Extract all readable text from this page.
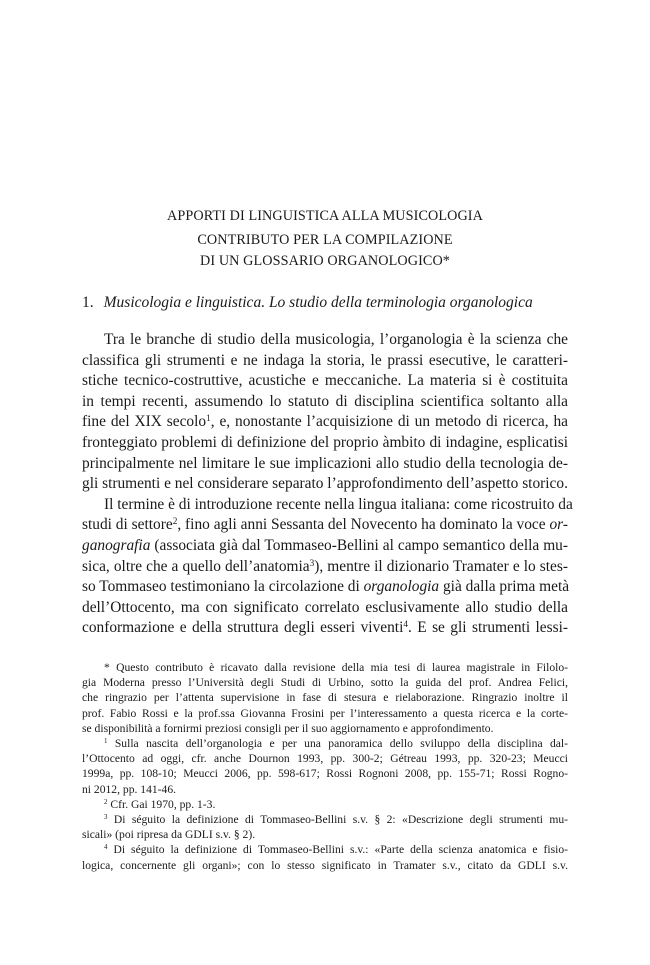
APPORTI DI LINGUISTICA ALLA MUSICOLOGIA
CONTRIBUTO PER LA COMPILAZIONE
DI UN GLOSSARIO ORGANOLOGICO*
1. Musicologia e linguistica. Lo studio della terminologia organologica
Tra le branche di studio della musicologia, l’organologia è la scienza che
classifica gli strumenti e ne indaga la storia, le prassi esecutive, le caratteri-
stiche tecnico-costruttive, acustiche e meccaniche. La materia si è costituita
in tempi recenti, assumendo lo statuto di disciplina scientifica soltanto alla
fine del XIX secolo$^1$, e, nonostante l’acquisizione di un metodo di ricerca, ha
fronteggiato problemi di definizione del proprio àmbito di indagine, esplicatisi
principalmente nel limitare le sue implicazioni allo studio della tecnologia de-
gli strumenti e nel considerare separato l’approfondimento dell’aspetto storico.
Il termine è di introduzione recente nella lingua italiana: come ricostruito da
studi di settore$^2$, fino agli anni Sessanta del Novecento ha dominato la voce or-
ganografia (associata già dal Tommaseo-Bellini al campo semantico della mu-
sica, oltre che a quello dell’anatomia$^3$), mentre il dizionario Tramater e lo stes-
so Tommaseo testimoniano la circolazione di organologia già dalla prima metà
dell’Ottocento, ma con significato correlato esclusivamente allo studio della
conformazione e della struttura degli esseri viventi$^4$. E se gli strumenti lessi-
* Questo contributo è ricavato dalla revisione della mia tesi di laurea magistrale in Filolo-
gia Moderna presso l’Università degli Studi di Urbino, sotto la guida del prof. Andrea Felici,
che ringrazio per l’attenta supervisione in fase di stesura e rielaborazione. Ringrazio inoltre il
prof. Fabio Rossi e la prof.ssa Giovanna Frosini per l’interessamento a questa ricerca e la corte-
se disponibilità a fornirmi preziosi consigli per il suo aggiornamento e approfondimento.
$^1$ Sulla nascita dell’organologia e per una panoramica dello sviluppo della disciplina dal-
l’Ottocento ad oggi, cfr. anche Dournon 1993, pp. 300-2; Gétreau 1993, pp. 320-23; Meucci
1999a, pp. 108-10; Meucci 2006, pp. 598-617; Rossi Rognoni 2008, pp. 155-71; Rossi Rogno-
ni 2012, pp. 141-46.
$^2$ Cfr. Gai 1970, pp. 1-3.
$^3$ Di séguito la definizione di Tommaseo-Bellini s.v. § 2: «Descrizione degli strumenti mu-
sicali» (poi ripresa da GDLI s.v. § 2).
$^4$ Di séguito la definizione di Tommaseo-Bellini s.v.: «Parte della scienza anatomica e fisio-
logica, concernente gli organi»; con lo stesso significato in Tramater s.v., citato da GDLI s.v.
